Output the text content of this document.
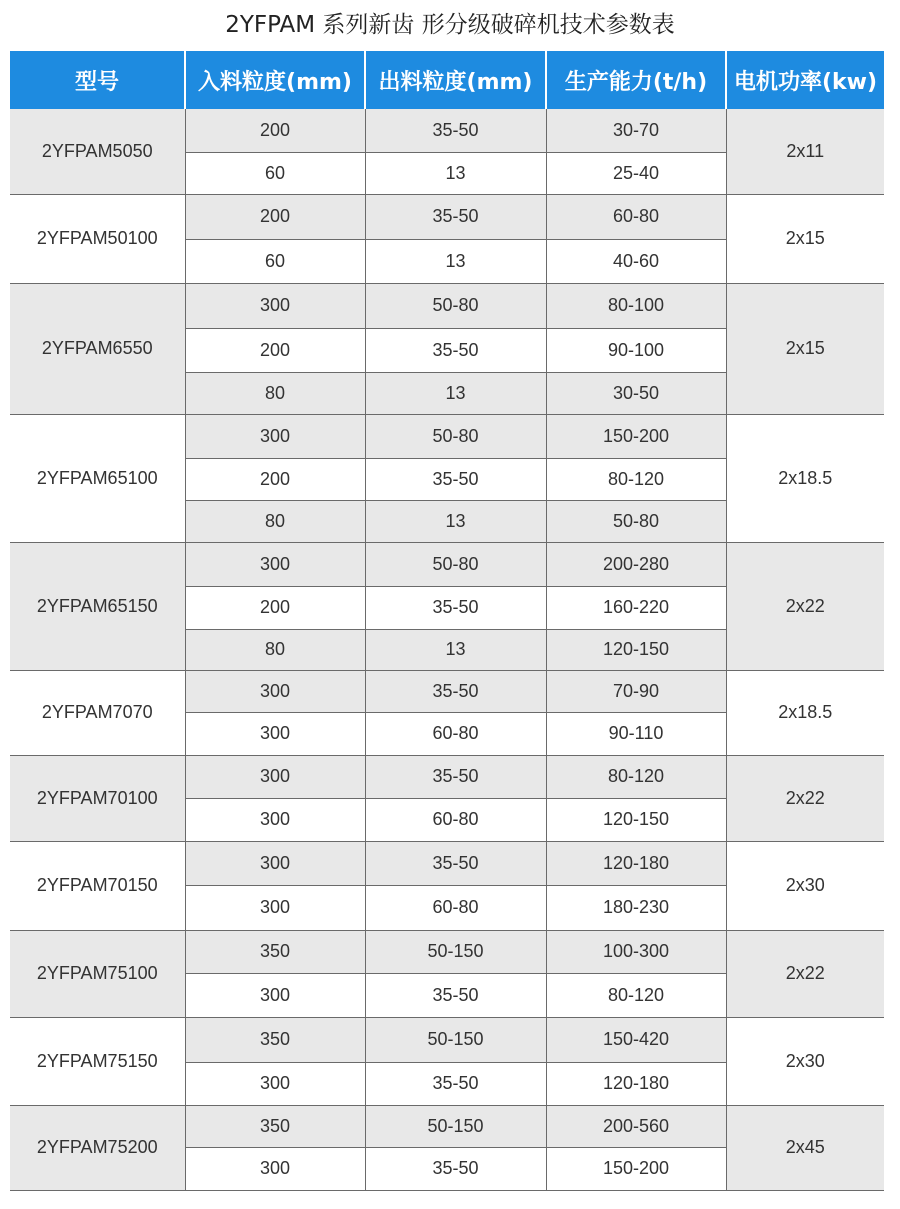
2YFPAM 系列新齿 形分级破碎机技术参数表
型号	入料粒度(mm)	出料粒度(mm)	生产能力(t/h)	电机功率(kw)
2YFPAM5050	200	35-50	30-70	2x11
	60	13	25-40	
2YFPAM50100	200	35-50	60-80	2x15
	60	13	40-60	
2YFPAM6550	300	50-80	80-100	2x15
	200	35-50	90-100	
	80	13	30-50	
2YFPAM65100	300	50-80	150-200	2x18.5
	200	35-50	80-120	
	80	13	50-80	
2YFPAM65150	300	50-80	200-280	2x22
	200	35-50	160-220	
	80	13	120-150	
2YFPAM7070	300	35-50	70-90	2x18.5
	300	60-80	90-110	
2YFPAM70100	300	35-50	80-120	2x22
	300	60-80	120-150	
2YFPAM70150	300	35-50	120-180	2x30
	300	60-80	180-230	
2YFPAM75100	350	50-150	100-300	2x22
	300	35-50	80-120	
2YFPAM75150	350	50-150	150-420	2x30
	300	35-50	120-180	
2YFPAM75200	350	50-150	200-560	2x45
	300	35-50	150-200	
